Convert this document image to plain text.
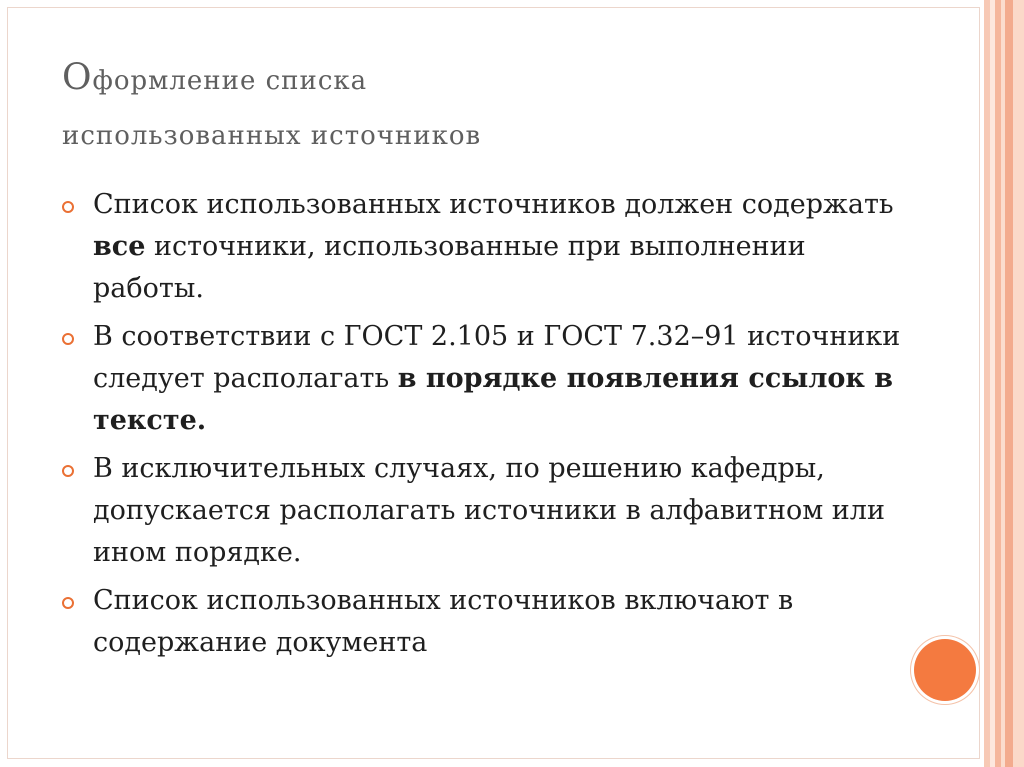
Оформление списка
использованных источников
Список использованных источников должен содержать все источники, использованные при выполнении работы.
В соответствии с ГОСТ 2.105 и ГОСТ 7.32–91 источники следует располагать в порядке появления ссылок в тексте.
В исключительных случаях, по решению кафедры, допускается располагать источники в алфавитном или ином порядке.
Список использованных источников включают в содержание документа
